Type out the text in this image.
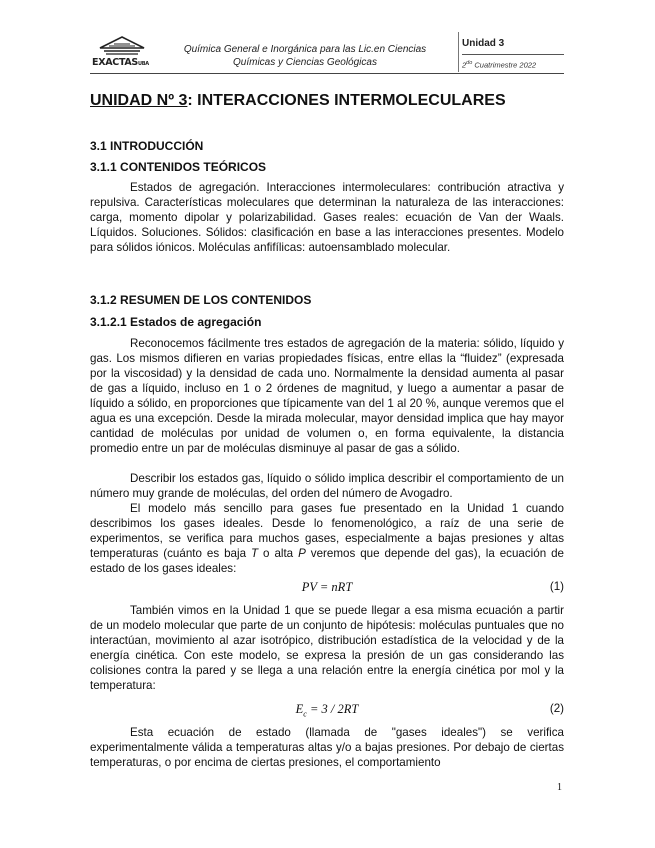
EXACTASUBA
Química General e Inorgánica para las Lic.en Ciencias
Químicas y Ciencias Geológicas
Unidad 3
$2^{do}$ Cuatrimestre 2022
UNIDAD Nº 3: INTERACCIONES INTERMOLECULARES
3.1 INTRODUCCIÓN
3.1.1 CONTENIDOS TEÓRICOS
Estados de agregación. Interacciones intermoleculares: contribución atractiva y repulsiva. Características moleculares que determinan la naturaleza de las interacciones: carga, momento dipolar y polarizabilidad. Gases reales: ecuación de Van der Waals. Líquidos. Soluciones. Sólidos: clasificación en base a las interacciones presentes. Modelo para sólidos iónicos. Moléculas anfifílicas: autoensamblado molecular.
3.1.2 RESUMEN DE LOS CONTENIDOS
3.1.2.1 Estados de agregación
Reconocemos fácilmente tres estados de agregación de la materia: sólido, líquido y gas. Los mismos difieren en varias propiedades físicas, entre ellas la “fluidez” (expresada por la viscosidad) y la densidad de cada uno. Normalmente la densidad aumenta al pasar de gas a líquido, incluso en 1 o 2 órdenes de magnitud, y luego a aumentar a pasar de líquido a sólido, en proporciones que típicamente van del 1 al 20 %, aunque veremos que el agua es una excepción. Desde la mirada molecular, mayor densidad implica que hay mayor cantidad de moléculas por unidad de volumen o, en forma equivalente, la distancia promedio entre un par de moléculas disminuye al pasar de gas a sólido.
Describir los estados gas, líquido o sólido implica describir el comportamiento de un número muy grande de moléculas, del orden del número de Avogadro.
El modelo más sencillo para gases fue presentado en la Unidad 1 cuando describimos los gases ideales. Desde lo fenomenológico, a raíz de una serie de experimentos, se verifica para muchos gases, especialmente a bajas presiones y altas temperaturas (cuánto es baja T o alta P veremos que depende del gas), la ecuación de estado de los gases ideales:
PV = nRT	(1)
También vimos en la Unidad 1 que se puede llegar a esa misma ecuación a partir de un modelo molecular que parte de un conjunto de hipótesis: moléculas puntuales que no interactúan, movimiento al azar isotrópico, distribución estadística de la velocidad y de la energía cinética. Con este modelo, se expresa la presión de un gas considerando las colisiones contra la pared y se llega a una relación entre la energía cinética por mol y la temperatura:
$E_c = 3 / 2RT$	(2)
Esta ecuación de estado (llamada de "gases ideales") se verifica experimentalmente válida a temperaturas altas y/o a bajas presiones. Por debajo de ciertas temperaturas, o por encima de ciertas presiones, el comportamiento
1
